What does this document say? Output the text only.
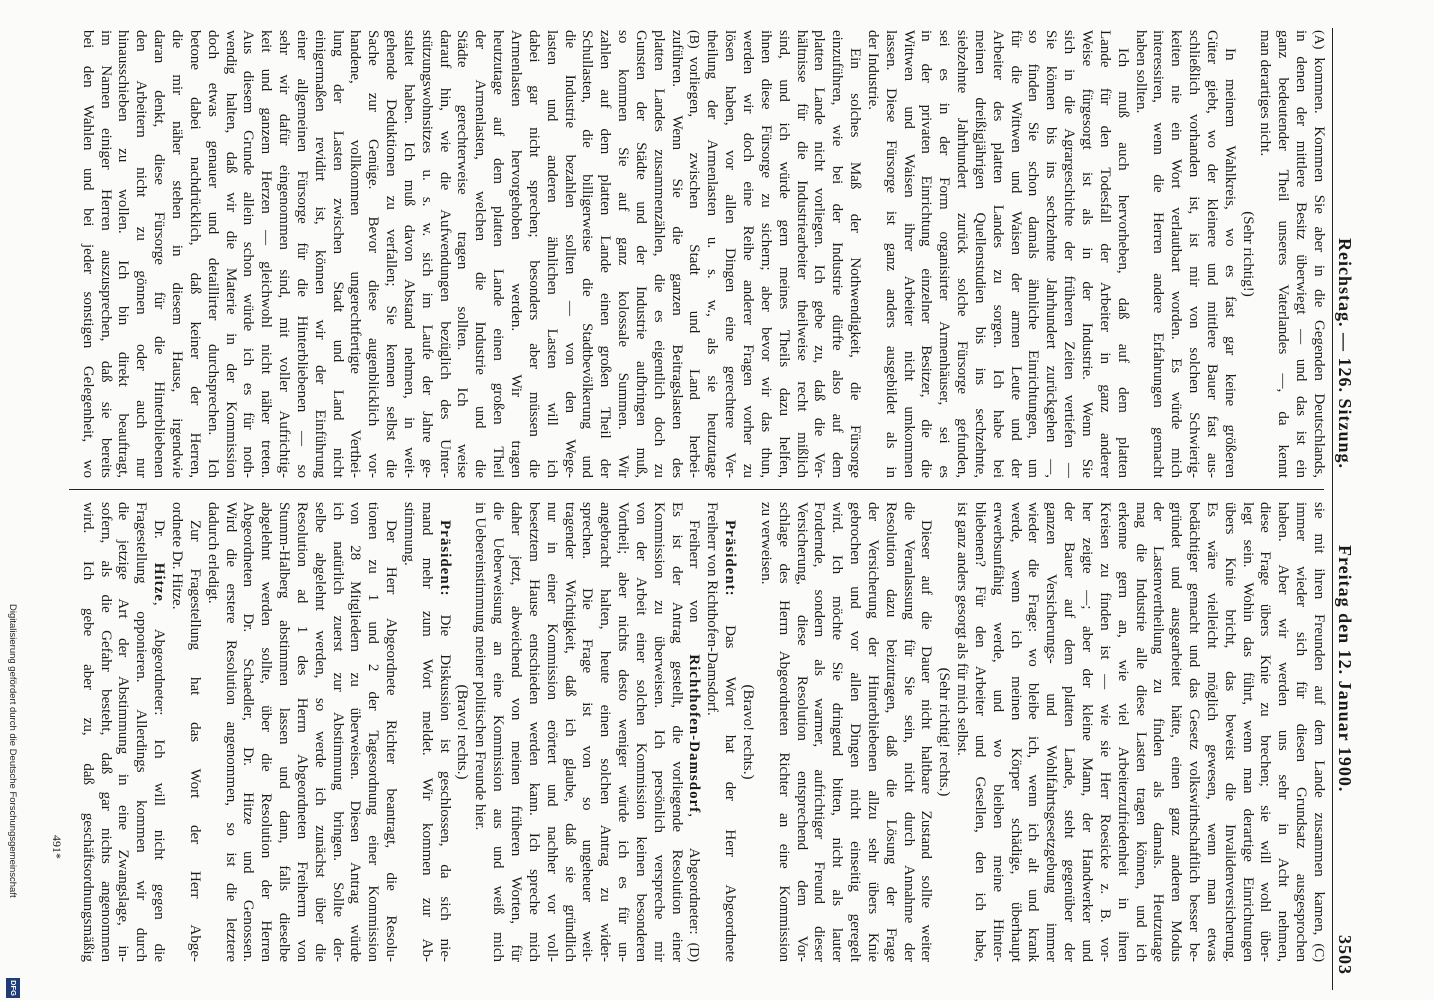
Reichstag. — 126. Sitzung.
Freitag den 12. Januar 1900.
3503
(A)kommen. Kommen Sie aber in die Gegenden Deutschlands,
in denen der mittlere Besitz überwiegt — und das ist ein
ganz bedeutender Theil unseres Vaterlandes —, da kennt
man derartiges nicht.
(Sehr richtig!)
In meinem Wahlkreis, wo es fast gar keine größeren
Güter giebt, wo der kleinere und mittlere Bauer fast aus-
schließlich vorhanden ist, ist mir von solchen Schwierig-
keiten nie ein Wort verlautbart worden. Es würde mich
interessiren, wenn die Herren andere Erfahrungen gemacht
haben sollten.
Ich muß auch hervorheben, daß auf dem platten
Lande für den Todesfall der Arbeiter in ganz anderer
Weise fürgesorgt ist als in der Industrie. Wenn Sie
sich in die Agrargeschichte der früheren Zeiten vertiefen —
Sie können bis ins sechzehnte Jahrhundert zurückgehen —,
so finden Sie schon damals ähnliche Einrichtungen, um
für die Wittwen und Waisen der armen Leute und der
Arbeiter des platten Landes zu sorgen. Ich habe bei
meinen dreißigjährigen Quellenstudien bis ins sechzehnte,
siebzehnte Jahrhundert zurück solche Fürsorge gefunden,
sei es in der Form organisirter Armenhäuser, sei es
in der privaten Einrichtung einzelner Besitzer, die die
Wittwen und Waisen ihrer Arbeiter nicht umkommen
lassen. Diese Fürsorge ist ganz anders ausgebildet als in
der Industrie.
Ein solches Maß der Nothwendigkeit, die Fürsorge
einzuführen, wie bei der Industrie dürfte also auf dem
platten Lande nicht vorliegen. Ich gebe zu, daß die Ver-
hältnisse für die Industriearbeiter theilweise recht mißlich
sind, und ich würde gern meines Theils dazu helfen,
ihnen diese Fürsorge zu sichern; aber bevor wir das thun,
werden wir doch eine Reihe anderer Fragen vorher zu
lösen haben, vor allen Dingen eine gerechtere Ver-
theilung der Armenlasten u. s. w., als sie heutzutage
(B)vorliegen, zwischen Stadt und Land herbei-
zuführen. Wenn Sie die ganzen Beitragslasten des
platten Landes zusammenzählen, die es eigentlich doch zu
Gunsten der Städte und der Industrie aufbringen muß,
so kommen Sie auf ganz kolossale Summen. Wir
zahlen auf dem platten Lande einen großen Theil der
Schullasten, die billigerweise die Stadtbevölkerung und
die Industrie bezahlen sollten — von den Wege-
lasten und anderen ähnlichen Lasten will ich
dabei gar nicht sprechen; besonders aber müssen die
Armenlasten hervorgehoben werden. Wir tragen
heutzutage auf dem platten Lande einen großen Theil
der Armenlasten, welchen die Industrie und die
Städte gerechterweise tragen sollten. Ich weise
darauf hin, wie die Aufwendungen bezüglich des Unter-
stützungswohnsitzes u. s. w. sich im Laufe der Jahre ge-
staltet haben. Ich muß davon Abstand nehmen, in weit-
gehende Deduktionen zu verfallen; Sie kennen selbst die
Sache zur Genüge. Bevor diese augenblicklich vor-
handene, vollkommen ungerechtfertigte Verthei-
lung der Lasten zwischen Stadt und Land nicht
einigermaßen revidirt ist, können wir der Einführung
einer allgemeinen Fürsorge für die Hinterbliebenen — so
sehr wir dafür eingenommen sind, mit voller Aufrichtig-
keit und ganzem Herzen — gleichwohl nicht näher treten.
Aus diesem Grunde allein schon würde ich es für noth-
wendig halten, daß wir die Materie in der Kommission
doch etwas genauer und detaillirter durchsprechen. Ich
betone dabei nachdrücklich, daß keiner der Herren,
die mir näher stehen in diesem Hause, irgendwie
daran denkt, diese Fürsorge für die Hinterbliebenen
den Arbeitern nicht zu gönnen oder auch nur
hinausschieben zu wollen. Ich bin direkt beauftragt,
im Namen einiger Herren auszusprechen, daß sie bereits
bei den Wahlen und bei jeder sonstigen Gelegenheit, wo
sie mit ihren Freunden auf dem Lande zusammen kamen,(C)
immer wieder sich für diesen Grundsatz ausgesprochen
haben. Aber wir werden uns sehr in Acht nehmen,
diese Frage übers Knie zu brechen; sie will wohl über-
legt sein. Wohin das führt, wenn man derartige Einrichtungen
übers Knie bricht, das beweist die Invalidenversicherung.
Es wäre vielleicht möglich gewesen, wenn man etwas
bedächtiger gemacht und das Gesetz volkswirthschaftlich besser be-
gründet und ausgearbeitet hätte, einen ganz anderen Modus
der Lastenvertheilung zu finden als damals. Heutzutage
mag die Industrie alle diese Lasten tragen können, und ich
erkenne gern an, wie viel Arbeiterzufriedenheit in ihren
Kreisen zu finden ist — wie sie Herr Roesicke z. B. vor-
her zeigte —; aber der kleine Mann, der Handwerker und
der Bauer auf dem platten Lande, steht gegenüber der
ganzen Versicherungs- und Wohlfahrtsgesetzgebung immer
wieder die Frage: wo bleibe ich, wenn ich alt und krank
werde, wenn ich meinen Körper schädige, überhaupt
erwerbsunfähig werde, und wo bleiben meine Hinter-
bliebenen? Für den Arbeiter und Gesellen, den ich habe,
ist ganz anders gesorgt als für mich selbst.
(Sehr richtig! rechts.)
Dieser auf die Dauer nicht haltbare Zustand sollte weiter
die Veranlassung für Sie sein, nicht durch Annahme der
Resolution dazu beizutragen, daß die Lösung der Frage
der Versicherung der Hinterbliebenen allzu sehr übers Knie
gebrochen und vor allen Dingen nicht einseitig geregelt
wird. Ich möchte Sie dringend bitten, nicht als lauter
Fordernde, sondern als warmer, aufrichtiger Freund dieser
Versicherung, diese Resolution entsprechend dem Vor-
schlage des Herrn Abgeordneten Richter an eine Kommission
zu verweisen.
(Bravo! rechts.)
Präsident: Das Wort hat der Herr Abgeordnete
Freiherr von Richthofen-Damsdorf.
Freiherr von Richthofen-Damsdorf, Abgeordneter:(D)
Es ist der Antrag gestellt, die vorliegende Resolution einer
Kommission zu überweisen. Ich persönlich verspreche mir
von der Arbeit einer solchen Kommission keinen besonderen
Vortheil; aber nichts desto weniger würde ich es für un-
angebracht halten, heute einen solchen Antrag zu wider-
sprechen. Die Frage ist von so ungeheuer weit-
tragender Wichtigkeit, daß ich glaube, daß sie gründlich
nur in einer Kommission erörtert und nachher vor voll-
besetztem Hause entschieden werden kann. Ich spreche mich
daher jetzt, abweichend von meinen früheren Worten, für
die Ueberweisung an eine Kommission aus und weiß mich
in Uebereinstimmung meiner politischen Freunde hier.
(Bravo! rechts.)
Präsident: Die Diskussion ist geschlossen, da sich nie-
mand mehr zum Wort meldet. Wir kommen zur Ab-
stimmung.
Der Herr Abgeordnete Richter beantragt, die Resolu-
tionen zu 1 und 2 der Tagesordnung einer Kommission
von 28 Mitgliedern zu überweisen. Diesen Antrag würde
ich natürlich zuerst zur Abstimmung bringen. Sollte der-
selbe abgelehnt werden, so werde ich zunächst über die
Resolution ad 1 des Herrn Abgeordneten Freiherrn von
Stumm-Halberg abstimmen lassen und dann, falls dieselbe
abgelehnt werden sollte, über die Resolution der Herren
Abgeordneten Dr. Schaedler, Dr. Hitze und Genossen.
Wird die erstere Resolution angenommen, so ist die letztere
dadurch erledigt.
Zur Fragestellung hat das Wort der Herr Abge-
ordnete Dr. Hitze.
Dr. Hitze, Abgeordneter: Ich will nicht gegen die
Fragestellung opponieren. Allerdings kommen wir durch
die jetzige Art der Abstimmung in eine Zwangslage, in-
sofern, als die Gefahr besteht, daß gar nichts angenommen
wird. Ich gebe aber zu, daß geschäftsordnungsmäßig
491*
Digitalisierung gefördert durch die Deutsche Forschungsgemeinschaft
DFG
